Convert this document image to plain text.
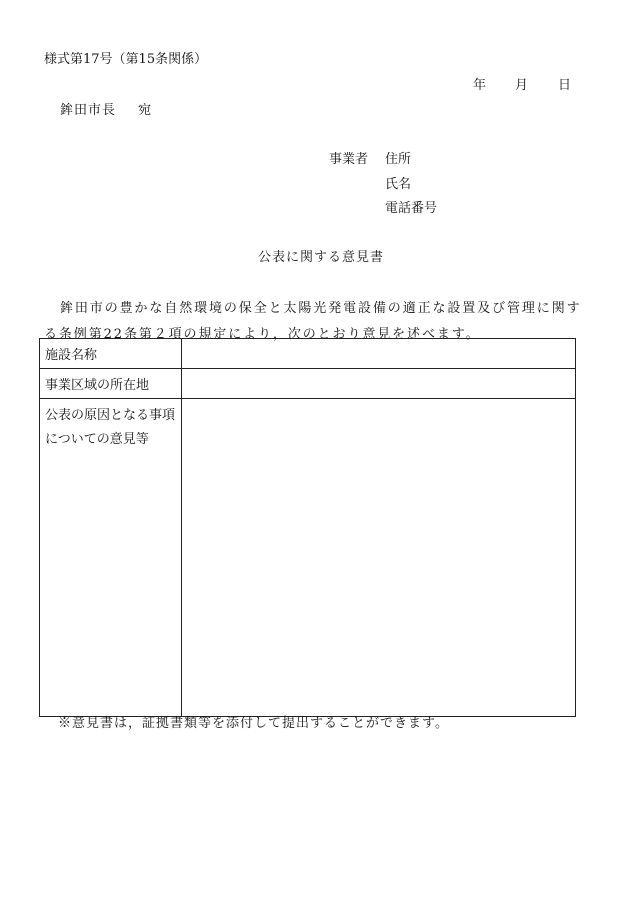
様式第17号（第15条関係）
年 月 日
鉾田市長 宛
事業者 住所
氏名
電話番号
公表に関する意見書
鉾田市の豊かな自然環境の保全と太陽光発電設備の適正な設置及び管理に関する条例第22条第２項の規定により，次のとおり意見を述べます。
施設名称	
事業区域の所在地	
公表の原因となる事項についての意見等	
※意見書は，証拠書類等を添付して提出することができます。
